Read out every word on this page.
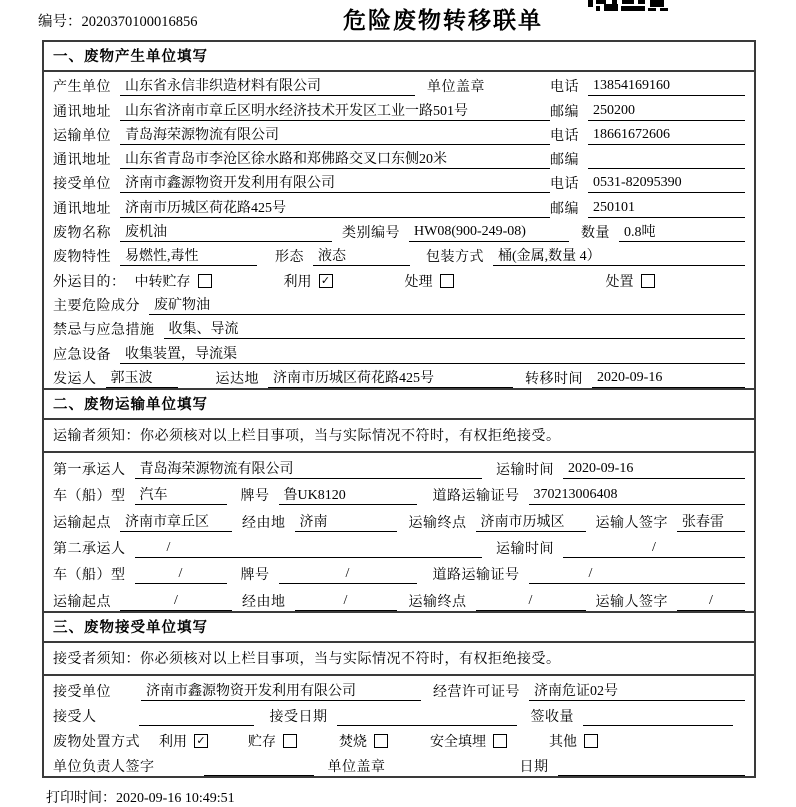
编号：2020370100016856	危险废物转移联单
一、废物产生单位填写
产生单位	山东省永信非织造材料有限公司	单位盖章	电话	13854169160
通讯地址	山东省济南市章丘区明水经济技术开发区工业一路501号	邮编	250200
运输单位	青岛海荣源物流有限公司	电话	18661672606
通讯地址	山东省青岛市李沧区徐水路和郑佛路交叉口东侧20米	邮编
接受单位	济南市鑫源物资开发利用有限公司	电话	0531-82095390
通讯地址	济南市历城区荷花路425号	邮编	250101
废物名称	废机油	类别编号	HW08(900-249-08)	数量	0.8吨
废物特性	易燃性,毒性	形态	液态	包装方式	桶(金属,数量 4）
外运目的： 中转贮存	利用 ✓	处理	处置
主要危险成分	废矿物油
禁忌与应急措施	收集、导流
应急设备	收集装置，导流渠
发运人	郭玉波	运达地	济南市历城区荷花路425号	转移时间	2020-09-16
二、废物运输单位填写
运输者须知：你必须核对以上栏目事项，当与实际情况不符时，有权拒绝接受。
第一承运人	青岛海荣源物流有限公司	运输时间	2020-09-16
车（船）型	汽车	牌号	鲁UK8120	道路运输证号	370213006408
运输起点	济南市章丘区	经由地	济南	运输终点	济南市历城区	运输人签字	张春雷
第二承运人	/	运输时间	/
车（船）型	/	牌号	/	道路运输证号	/
运输起点	/	经由地	/	运输终点	/	运输人签字	/
三、废物接受单位填写
接受者须知：你必须核对以上栏目事项，当与实际情况不符时，有权拒绝接受。
接受单位	济南市鑫源物资开发利用有限公司	经营许可证号	济南危证02号
接受人	接受日期	签收量
废物处置方式 利用 ✓	贮存	焚烧	安全填埋	其他
单位负责人签字	单位盖章	日期
打印时间：2020-09-16 10:49:51
